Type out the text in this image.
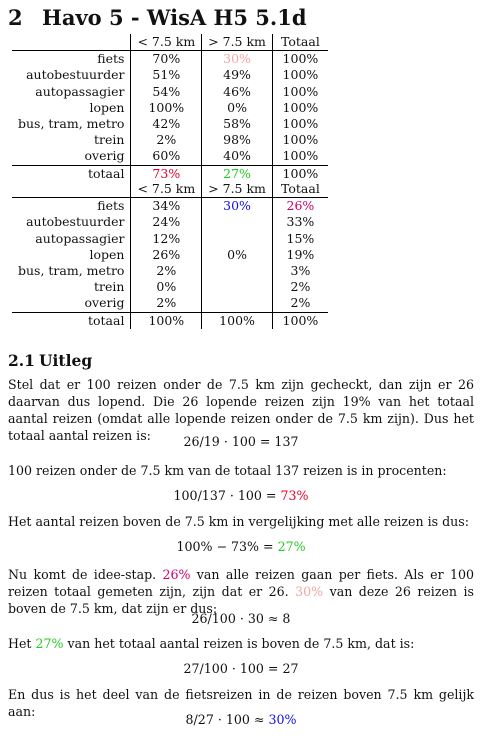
2 Havo 5 - WisA H5 5.1d
	< 7.5 km	> 7.5 km	Totaal
fiets	70%	30%	100%
autobestuurder	51%	49%	100%
autopassagier	54%	46%	100%
lopen	100%	0%	100%
bus, tram, metro	42%	58%	100%
trein	2%	98%	100%
overig	60%	40%	100%
totaal	73%	27%	100%
	< 7.5 km	> 7.5 km	Totaal
fiets	34%	30%	26%
autobestuurder	24%		33%
autopassagier	12%		15%
lopen	26%	0%	19%
bus, tram, metro	2%		3%
trein	0%		2%
overig	2%		2%
totaal	100%	100%	100%
2.1 Uitleg
Stel dat er 100 reizen onder de 7.5 km zijn gecheckt, dan zijn er 26 daarvan dus lopend. Die 26 lopende reizen zijn 19% van het totaal aantal reizen (omdat alle lopende reizen onder de 7.5 km zijn). Dus het totaal aantal reizen is:	26/19 · 100 = 137
100 reizen onder de 7.5 km van de totaal 137 reizen is in procenten:
100/137 · 100 = 73%
Het aantal reizen boven de 7.5 km in vergelijking met alle reizen is dus:
100% − 73% = 27%
Nu komt de idee-stap. 26% van alle reizen gaan per fiets. Als er 100 reizen totaal gemeten zijn, zijn dat er 26. 30% van deze 26 reizen is boven de 7.5 km, dat zijn er dus:
26/100 · 30 ≈ 8
Het 27% van het totaal aantal reizen is boven de 7.5 km, dat is:
27/100 · 100 = 27
En dus is het deel van de fietsreizen in de reizen boven 7.5 km gelijk aan:
8/27 · 100 ≈ 30%
